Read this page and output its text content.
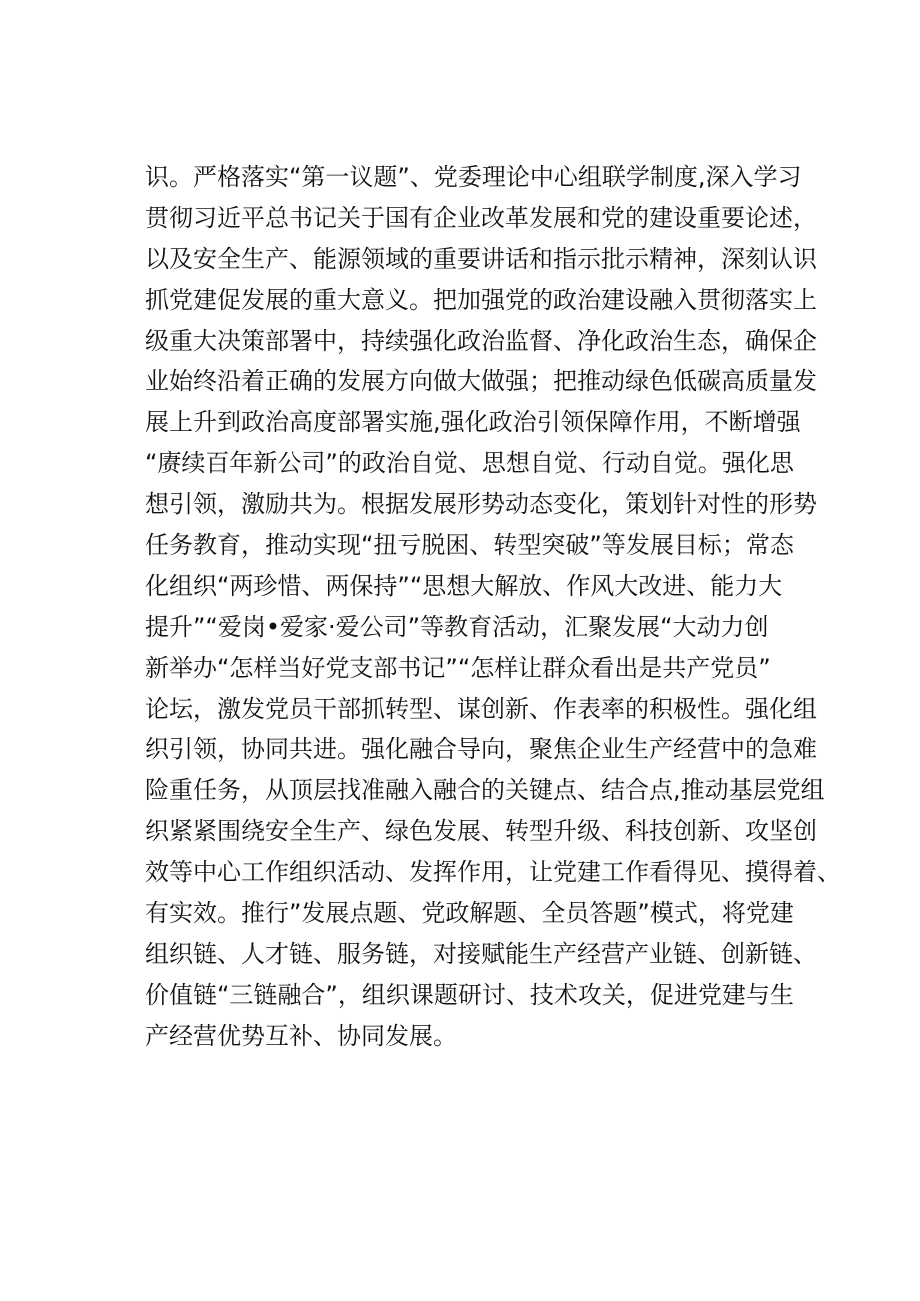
识。严格落实“第一议题”、党委理论中心组联学制度,深入学习
贯彻习近平总书记关于国有企业改革发展和党的建设重要论述，
以及安全生产、能源领域的重要讲话和指示批示精神，深刻认识
抓党建促发展的重大意义。把加强党的政治建设融入贯彻落实上
级重大决策部署中，持续强化政治监督、净化政治生态，确保企
业始终沿着正确的发展方向做大做强；把推动绿色低碳高质量发
展上升到政治高度部署实施,强化政治引领保障作用，不断增强
“赓续百年新公司”的政治自觉、思想自觉、行动自觉。强化思
想引领，激励共为。根据发展形势动态变化，策划针对性的形势
任务教育，推动实现“扭亏脱困、转型突破”等发展目标；常态
化组织“两珍惜、两保持”“思想大解放、作风大改进、能力大
提升”“爱岗•爱家·爱公司”等教育活动，汇聚发展“大动力创
新举办“怎样当好党支部书记”“怎样让群众看出是共产党员”
论坛，激发党员干部抓转型、谋创新、作表率的积极性。强化组
织引领，协同共进。强化融合导向，聚焦企业生产经营中的急难
险重任务，从顶层找准融入融合的关键点、结合点,推动基层党组
织紧紧围绕安全生产、绿色发展、转型升级、科技创新、攻坚创
效等中心工作组织活动、发挥作用，让党建工作看得见、摸得着、
有实效。推行”发展点题、党政解题、全员答题”模式，将党建
组织链、人才链、服务链，对接赋能生产经营产业链、创新链、
价值链“三链融合”，组织课题研讨、技术攻关，促进党建与生
产经营优势互补、协同发展。
